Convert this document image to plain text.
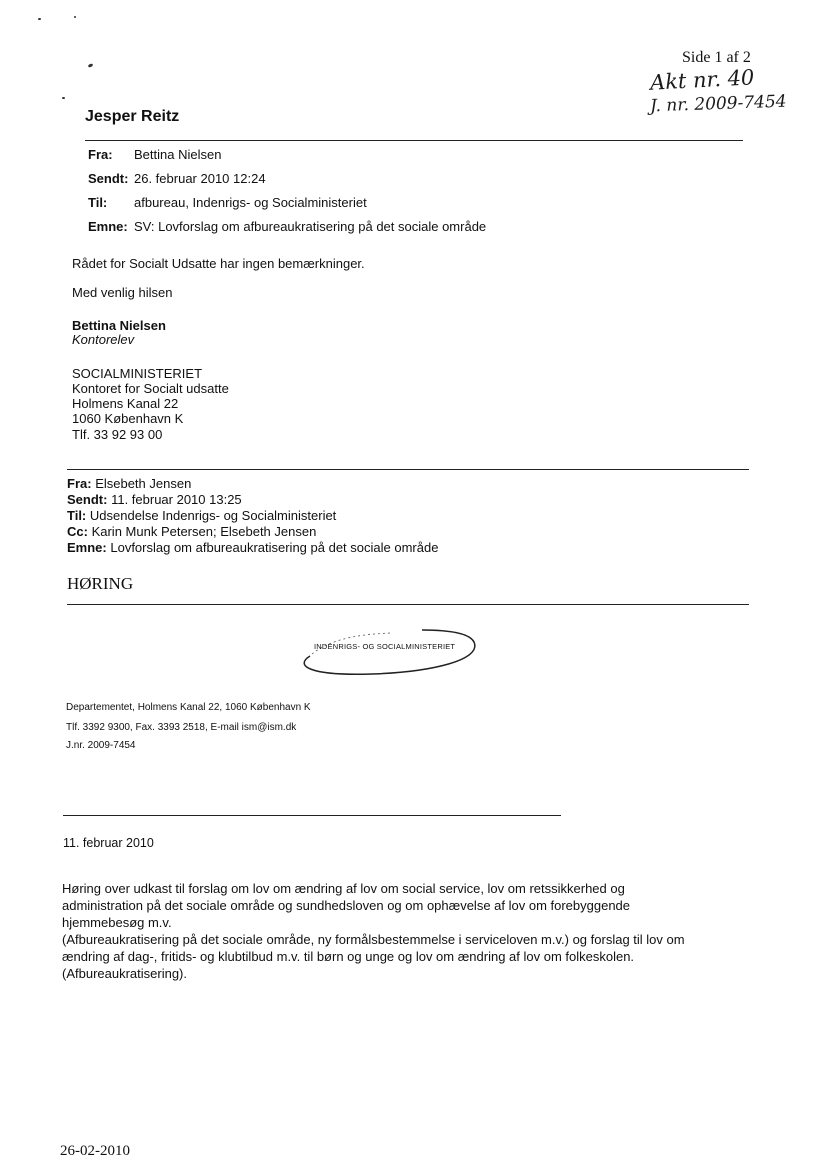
Side 1 af 2
Akt nr. 40
J. nr. 2009-7454
Jesper Reitz
Fra: Bettina Nielsen
Sendt: 26. februar 2010 12:24
Til: afbureau, Indenrigs- og Socialministeriet
Emne: SV: Lovforslag om afbureaukratisering på det sociale område
Rådet for Socialt Udsatte har ingen bemærkninger.
Med venlig hilsen
Bettina Nielsen
Kontorelev
SOCIALMINISTERIET
Kontoret for Socialt udsatte
Holmens Kanal 22
1060 København K
Tlf. 33 92 93 00
Fra: Elsebeth Jensen
Sendt: 11. februar 2010 13:25
Til: Udsendelse Indenrigs- og Socialministeriet
Cc: Karin Munk Petersen; Elsebeth Jensen
Emne: Lovforslag om afbureaukratisering på det sociale område
HØRING
INDENRIGS- OG SOCIALMINISTERIET
Departementet, Holmens Kanal 22, 1060 København K
Tlf. 3392 9300, Fax. 3393 2518, E-mail ism@ism.dk
J.nr. 2009-7454
11. februar 2010
Høring over udkast til forslag om lov om ændring af lov om social service, lov om retssikkerhed og
administration på det sociale område og sundhedsloven og om ophævelse af lov om forebyggende
hjemmebesøg m.v.
(Afbureaukratisering på det sociale område, ny formålsbestemmelse i serviceloven m.v.) og forslag til lov om
ændring af dag-, fritids- og klubtilbud m.v. til børn og unge og lov om ændring af lov om folkeskolen.
(Afbureaukratisering).
26-02-2010
